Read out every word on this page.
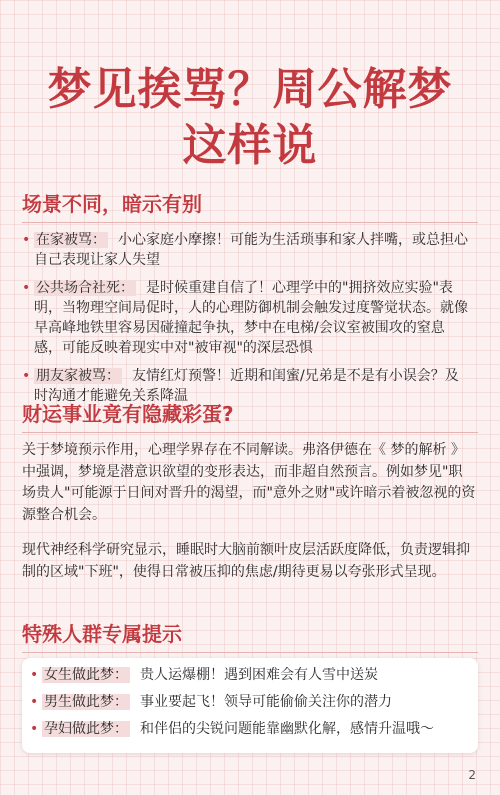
梦见挨骂？周公解梦
这样说
场景不同，暗示有别
• 在家被骂： 小心家庭小摩擦！可能为生活琐事和家人拌嘴，或总担心自己表现让家人失望
• 公共场合社死： 是时候重建自信了！心理学中的"拥挤效应实验"表明，当物理空间局促时，人的心理防御机制会触发过度警觉状态。就像早高峰地铁里容易因碰撞起争执，梦中在电梯/会议室被围攻的窒息感，可能反映着现实中对"被审视"的深层恐惧
• 朋友家被骂： 友情红灯预警！近期和闺蜜/兄弟是不是有小误会？及时沟通才能避免关系降温
财运事业竟有隐藏彩蛋?

关于梦境预示作用，心理学界存在不同解读。弗洛伊德在《 梦的解析 》中强调，梦境是潜意识欲望的变形表达，而非超自然预言。例如梦见"职场贵人"可能源于日间对晋升的渴望，而"意外之财"或许暗示着被忽视的资源整合机会。

现代神经科学研究显示，睡眠时大脑前额叶皮层活跃度降低，负责逻辑抑制的区域"下班"，使得日常被压抑的焦虑/期待更易以夸张形式呈现。

特殊人群专属提示
• 女生做此梦： 贵人运爆棚！遇到困难会有人雪中送炭
• 男生做此梦： 事业要起飞！领导可能偷偷关注你的潜力
• 孕妇做此梦： 和伴侣的尖锐问题能靠幽默化解，感情升温哦～
2
